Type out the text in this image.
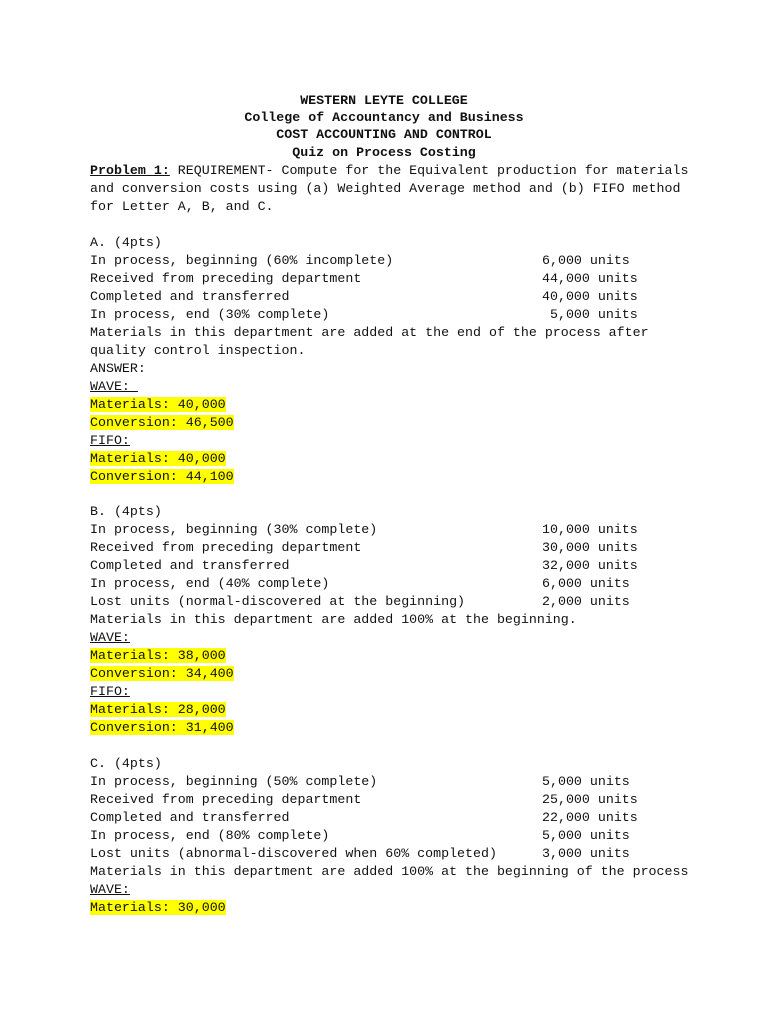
WESTERN LEYTE COLLEGE
College of Accountancy and Business
COST ACCOUNTING AND CONTROL
Quiz on Process Costing
Problem 1: REQUIREMENT- Compute for the Equivalent production for materials
and conversion costs using (a) Weighted Average method and (b) FIFO method
for Letter A, B, and C.
A. (4pts)
In process, beginning (60% incomplete)	6,000 units
Received from preceding department	44,000 units
Completed and transferred	40,000 units
In process, end (30% complete)	5,000 units
Materials in this department are added at the end of the process after
quality control inspection.
ANSWER:
WAVE:
Materials: 40,000
Conversion: 46,500
FIFO:
Materials: 40,000
Conversion: 44,100
B. (4pts)
In process, beginning (30% complete)	10,000 units
Received from preceding department	30,000 units
Completed and transferred	32,000 units
In process, end (40% complete)	6,000 units
Lost units (normal-discovered at the beginning)	2,000 units
Materials in this department are added 100% at the beginning.
WAVE:
Materials: 38,000
Conversion: 34,400
FIFO:
Materials: 28,000
Conversion: 31,400
C. (4pts)
In process, beginning (50% complete)	5,000 units
Received from preceding department	25,000 units
Completed and transferred	22,000 units
In process, end (80% complete)	5,000 units
Lost units (abnormal-discovered when 60% completed)	3,000 units
Materials in this department are added 100% at the beginning of the process
WAVE:
Materials: 30,000
